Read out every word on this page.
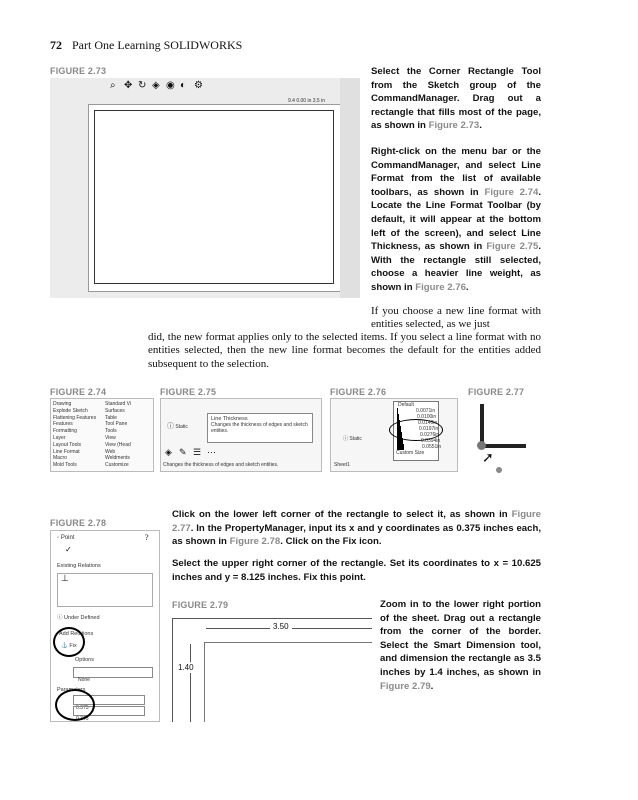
72 Part One Learning SOLIDWORKS
FIGURE 2.73
⌕ ✥ ↻ ◈ ◉ ◐ ⚙
9.4 0.00 in 3.5 in
Select the Corner Rectangle Tool from the Sketch group of the CommandManager. Drag out a rectangle that fills most of the page, as shown in Figure 2.73.
Right-click on the menu bar or the CommandManager, and select Line Format from the list of available toolbars, as shown in Figure 2.74. Locate the Line Format Toolbar (by default, it will appear at the bottom left of the screen), and select Line Thickness, as shown in Figure 2.75. With the rectangle still selected, choose a heavier line weight, as shown in Figure 2.76.
If you choose a new line format with entities selected, as we just
did, the new format applies only to the selected items. If you select a line format with no entities selected, then the new line format becomes the default for the entities added subsequent to the selection.
FIGURE 2.74	FIGURE 2.75	FIGURE 2.76	FIGURE 2.77
Drawing
Explode Sketch
Flattening Features
Features
Formatting
Layer
Layout Tools
Line Format
Macro
Mold Tools
Standard Vi
Surfaces
Table
Tool Pane
Tools
View
View (Head
Web
Weldments
Customize
ⓘ Static
Line Thickness
Changes the thickness of edges and sketch entities.
◈ ✎ ☰ ⋯
Changes the thickness of edges and sketch entities.
Default
0.0071in
0.0100in
0.0140in
0.0197in
0.0276in
0.0394in
0.0551in
Custom Size
ⓘ Static
Sheet1	➚
FIGURE 2.78
◦ Point	?
✓
Existing Relations
⊥
ⓘ Under Defined
Add Relations
⚓ Fix
Options
None
Parameters
0.375
0.375
Click on the lower left corner of the rectangle to select it, as shown in Figure 2.77. In the PropertyManager, input its x and y coordinates as 0.375 inches each, as shown in Figure 2.78. Click on the Fix icon.
Select the upper right corner of the rectangle. Set its coordinates to x = 10.625 inches and y = 8.125 inches. Fix this point.
FIGURE 2.79
3.50
1.40
Zoom in to the lower right portion of the sheet. Drag out a rectangle from the corner of the border. Select the Smart Dimension tool, and dimension the rectangle as 3.5 inches by 1.4 inches, as shown in Figure 2.79.
